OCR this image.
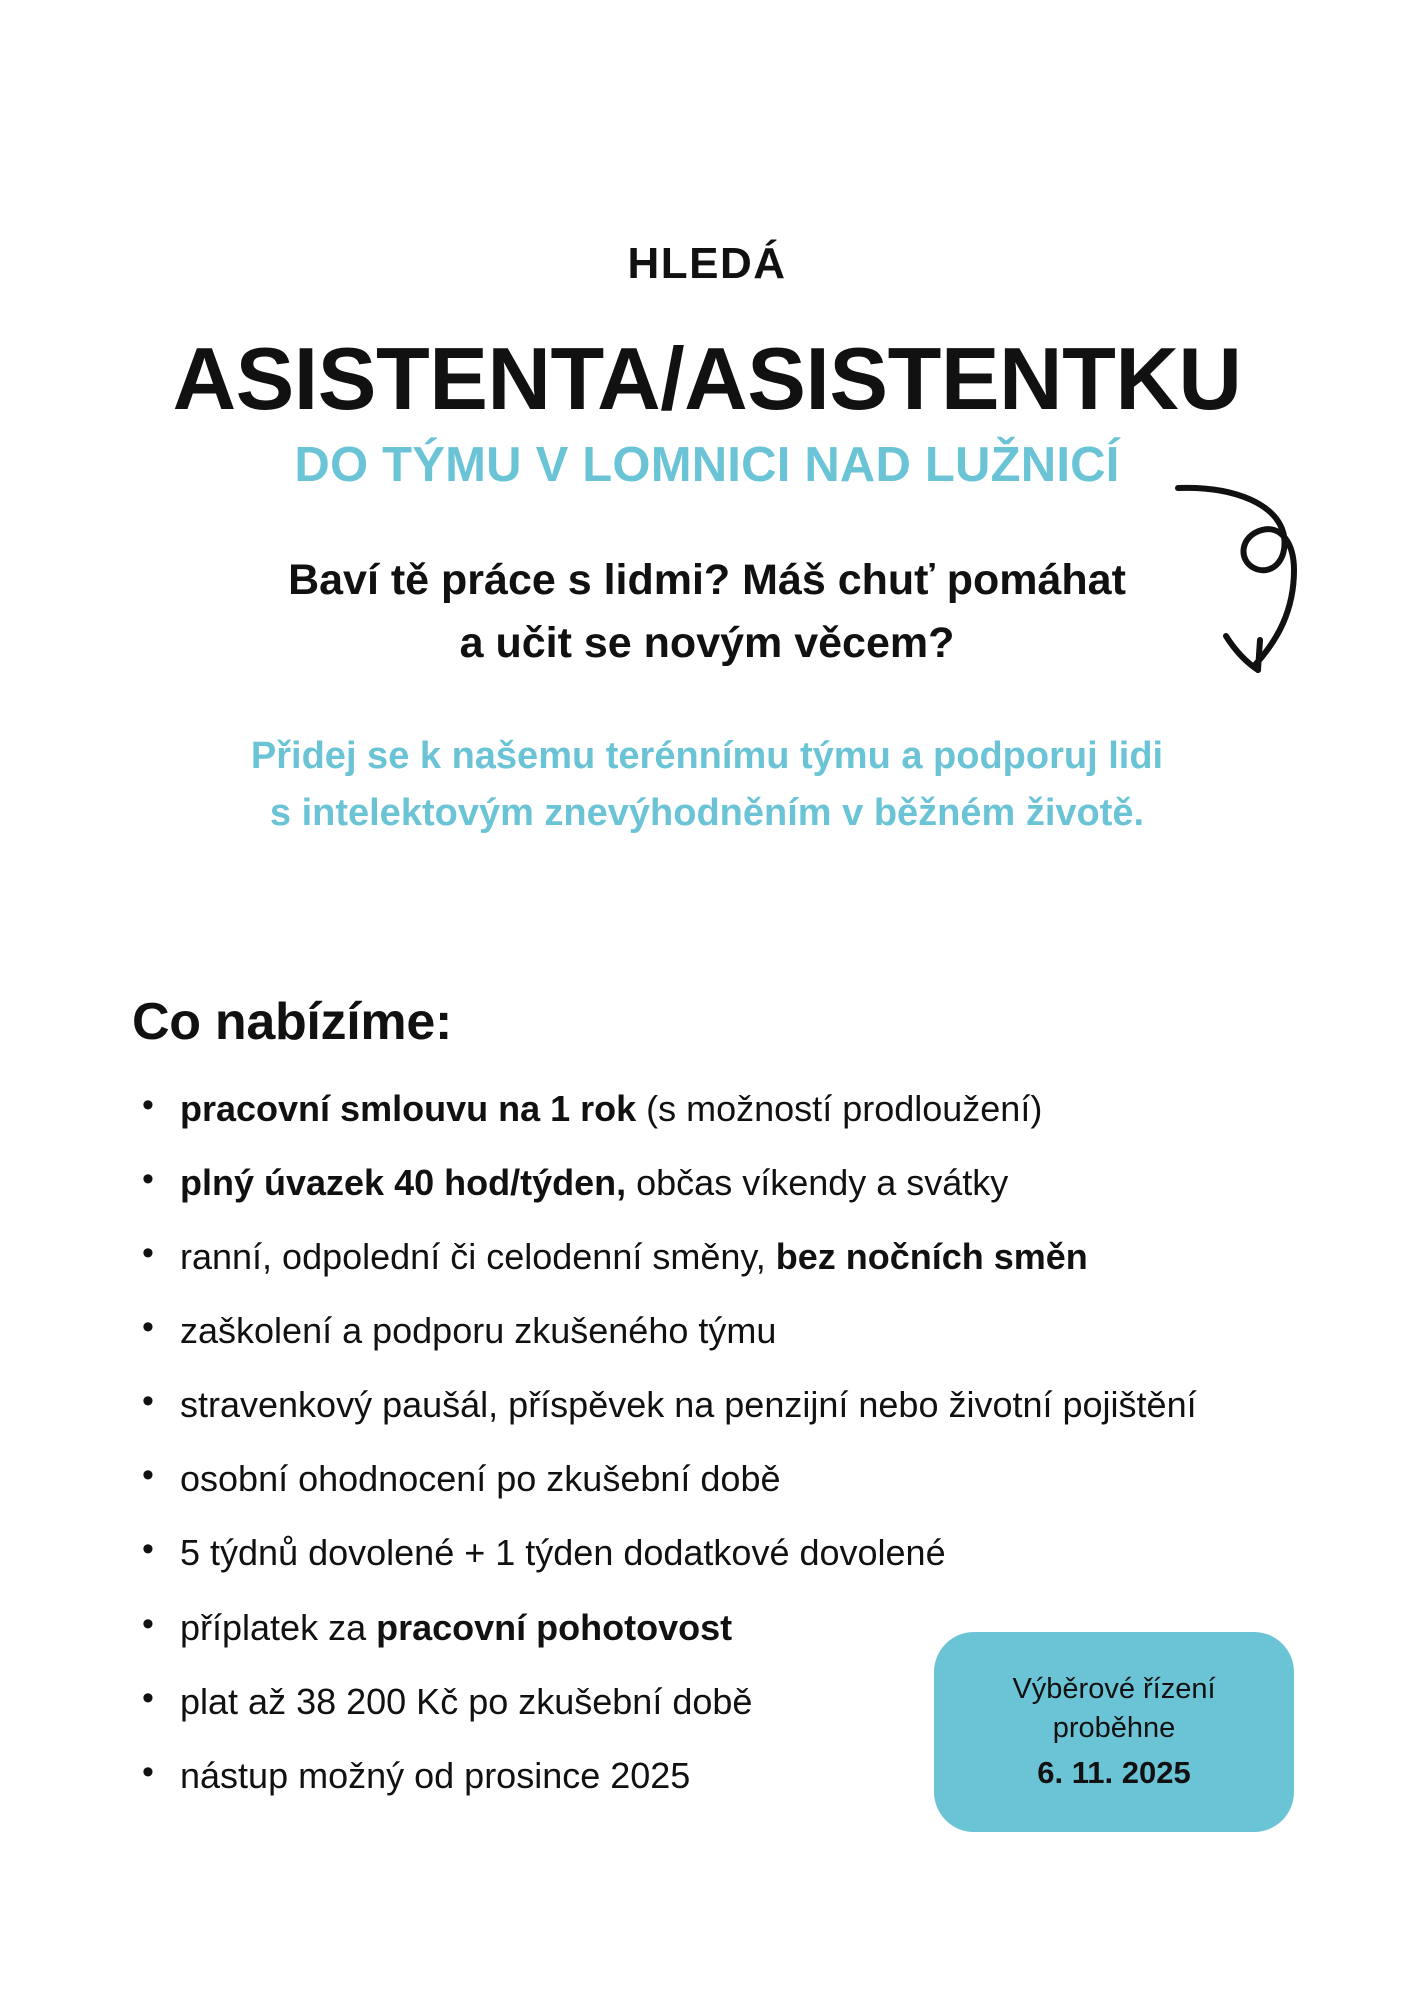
HLEDÁ
ASISTENTA/ASISTENTKU
DO TÝMU V LOMNICI NAD LUŽNICÍ
Baví tě práce s lidmi? Máš chuť pomáhat
a učit se novým věcem?
Přidej se k našemu terénnímu týmu a podporuj lidi
s intelektovým znevýhodněním v běžném životě.
Co nabízíme:
• pracovní smlouvu na 1 rok (s možností prodloužení)
• plný úvazek 40 hod/týden, občas víkendy a svátky
• ranní, odpolední či celodenní směny, bez nočních směn
• zaškolení a podporu zkušeného týmu
• stravenkový paušál, příspěvek na penzijní nebo životní pojištění
• osobní ohodnocení po zkušební době
• 5 týdnů dovolené + 1 týden dodatkové dovolené
• příplatek za pracovní pohotovost
• plat až 38 200 Kč po zkušební době
• nástup možný od prosince 2025
Výběrové řízení
proběhne
6. 11. 2025
